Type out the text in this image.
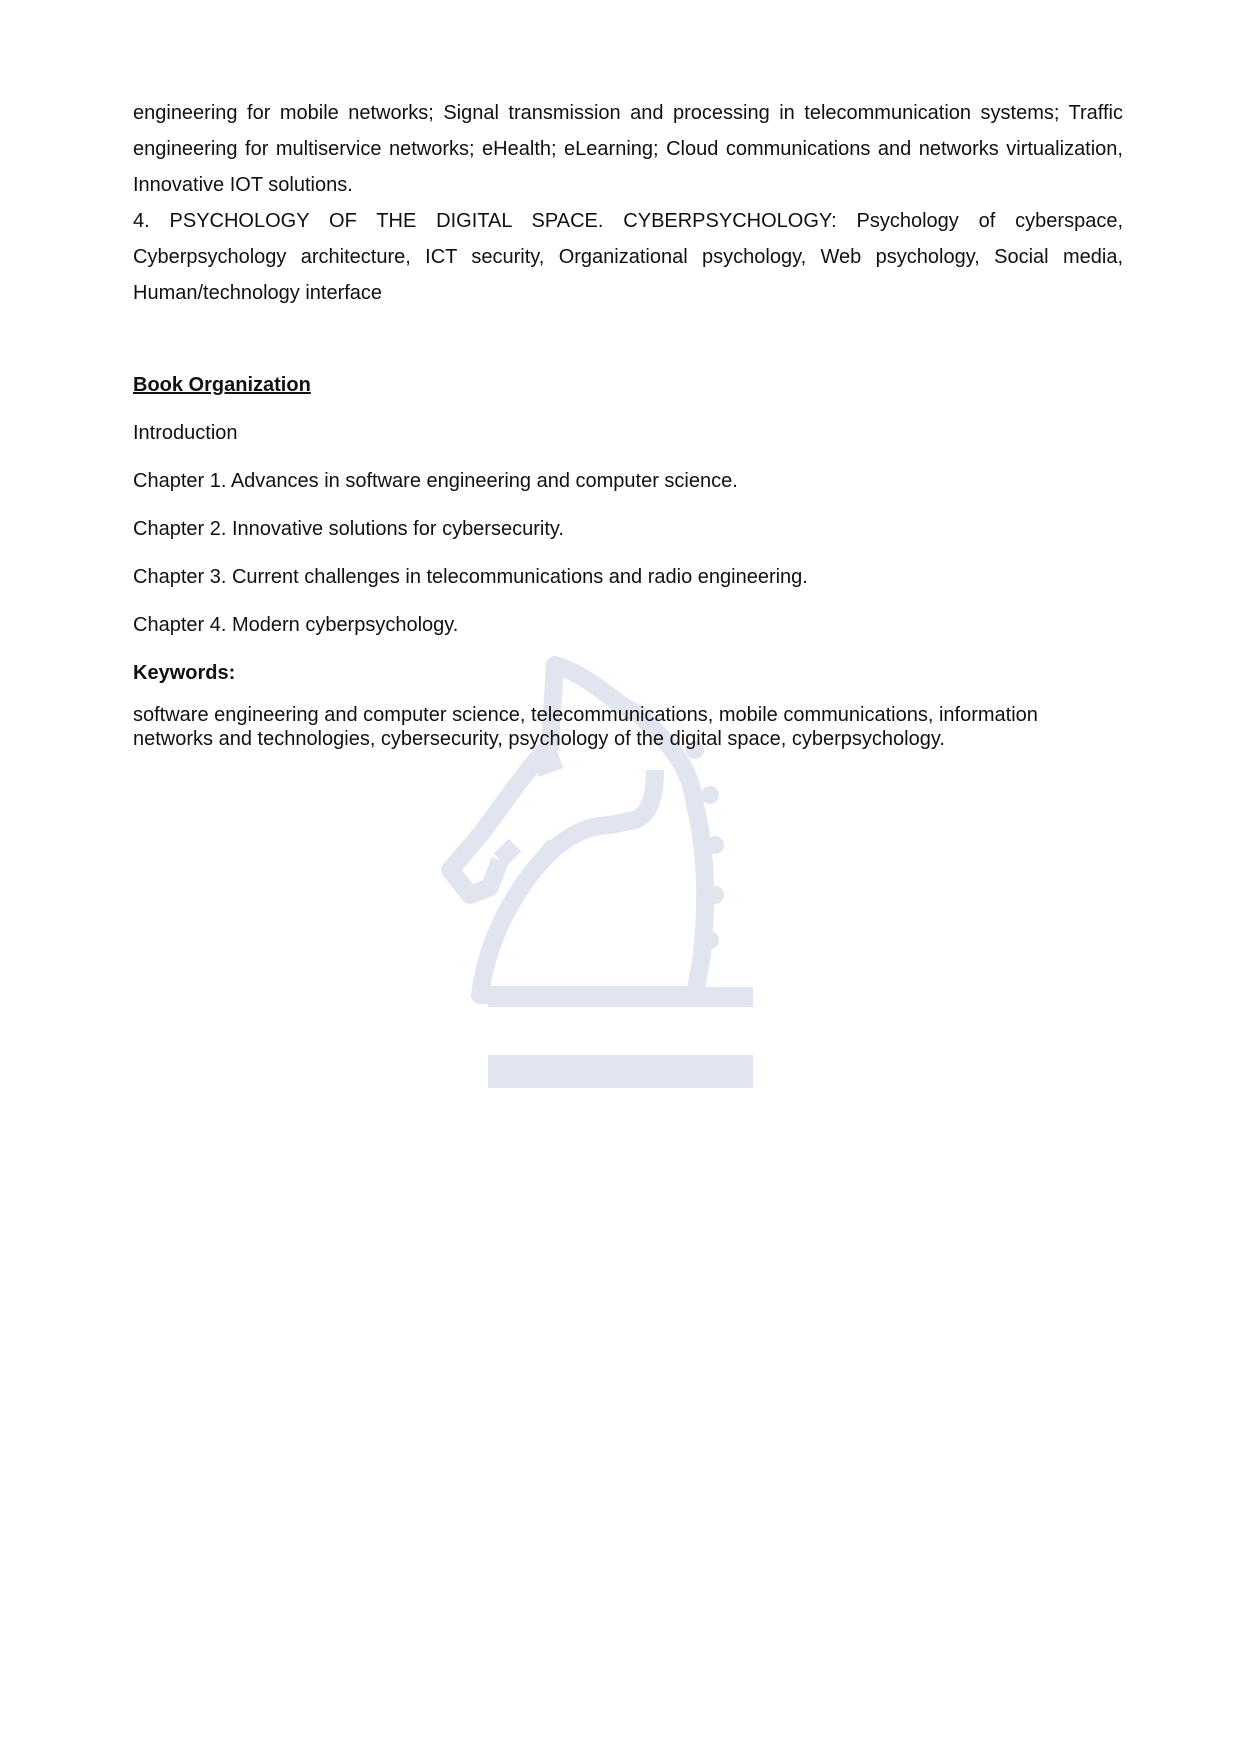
engineering for mobile networks; Signal transmission and processing in telecommunication systems; Traffic engineering for multiservice networks; eHealth; eLearning; Cloud communications and networks virtualization, Innovative IOT solutions.

4. PSYCHOLOGY OF THE DIGITAL SPACE. CYBERPSYCHOLOGY: Psychology of cyberspace, Cyberpsychology architecture, ICT security, Organizational psychology, Web psychology, Social media, Human/technology interface

Book Organization

Introduction

Chapter 1. Advances in software engineering and computer science.

Chapter 2. Innovative solutions for cybersecurity.

Chapter 3. Current challenges in telecommunications and radio engineering.

Chapter 4. Modern cyberpsychology.

Keywords:

software engineering and computer science, telecommunications, mobile communications, information networks and technologies, cybersecurity, psychology of the digital space, cyberpsychology.
